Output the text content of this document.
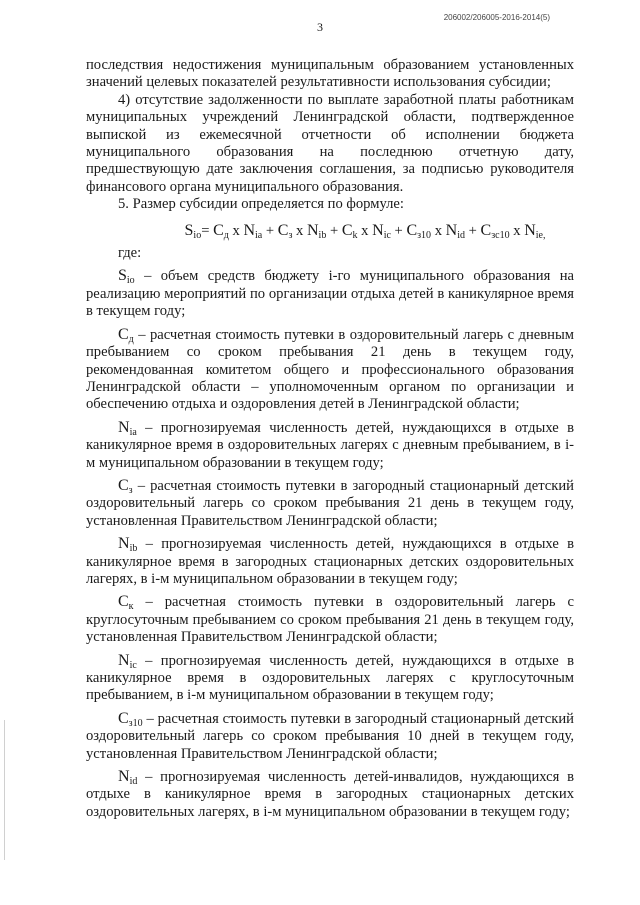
3
206002/206005-2016-2014(5)

последствия недостижения муниципальным образованием установленных значений целевых показателей результативности использования субсидии;

4) отсутствие задолженности по выплате заработной платы работникам муниципальных учреждений Ленинградской области, подтвержденное выпиской из ежемесячной отчетности об исполнении бюджета муниципального образования на последнюю отчетную дату, предшествующую дате заключения соглашения, за подписью руководителя финансового органа муниципального образования.

5. Размер субсидии определяется по формуле:

$S_{io}= С_д$ x $N_{ia} + С_з$ x $N_{ib} + С_k$ x $N_{ic} + С_{з10}$ x $N_{id} + С_{зс10}$ x $N_{ie,}$

где:

$S_{io}$ – объем средств бюджету i-го муниципального образования на реализацию мероприятий по организации отдыха детей в каникулярное время в текущем году;

$С_д$ – расчетная стоимость путевки в оздоровительный лагерь с дневным пребыванием со сроком пребывания 21 день в текущем году, рекомендованная комитетом общего и профессионального образования Ленинградской области – уполномоченным органом по организации и обеспечению отдыха и оздоровления детей в Ленинградской области;

$N_{ia}$ – прогнозируемая численность детей, нуждающихся в отдыхе в каникулярное время в оздоровительных лагерях с дневным пребыванием, в i-м муниципальном образовании в текущем году;

$С_з$ – расчетная стоимость путевки в загородный стационарный детский оздоровительный лагерь со сроком пребывания 21 день в текущем году, установленная Правительством Ленинградской области;

$N_{ib}$ – прогнозируемая численность детей, нуждающихся в отдыхе в каникулярное время в загородных стационарных детских оздоровительных лагерях, в i-м муниципальном образовании в текущем году;

$С_к$ – расчетная стоимость путевки в оздоровительный лагерь с круглосуточным пребыванием со сроком пребывания 21 день в текущем году, установленная Правительством Ленинградской области;

$N_{ic}$ – прогнозируемая численность детей, нуждающихся в отдыхе в каникулярное время в оздоровительных лагерях с круглосуточным пребыванием, в i-м муниципальном образовании в текущем году;

$С_{з10}$ – расчетная стоимость путевки в загородный стационарный детский оздоровительный лагерь со сроком пребывания 10 дней в текущем году, установленная Правительством Ленинградской области;

$N_{id}$ – прогнозируемая численность детей-инвалидов, нуждающихся в отдыхе в каникулярное время в загородных стационарных детских оздоровительных лагерях, в i-м муниципальном образовании в текущем году;
